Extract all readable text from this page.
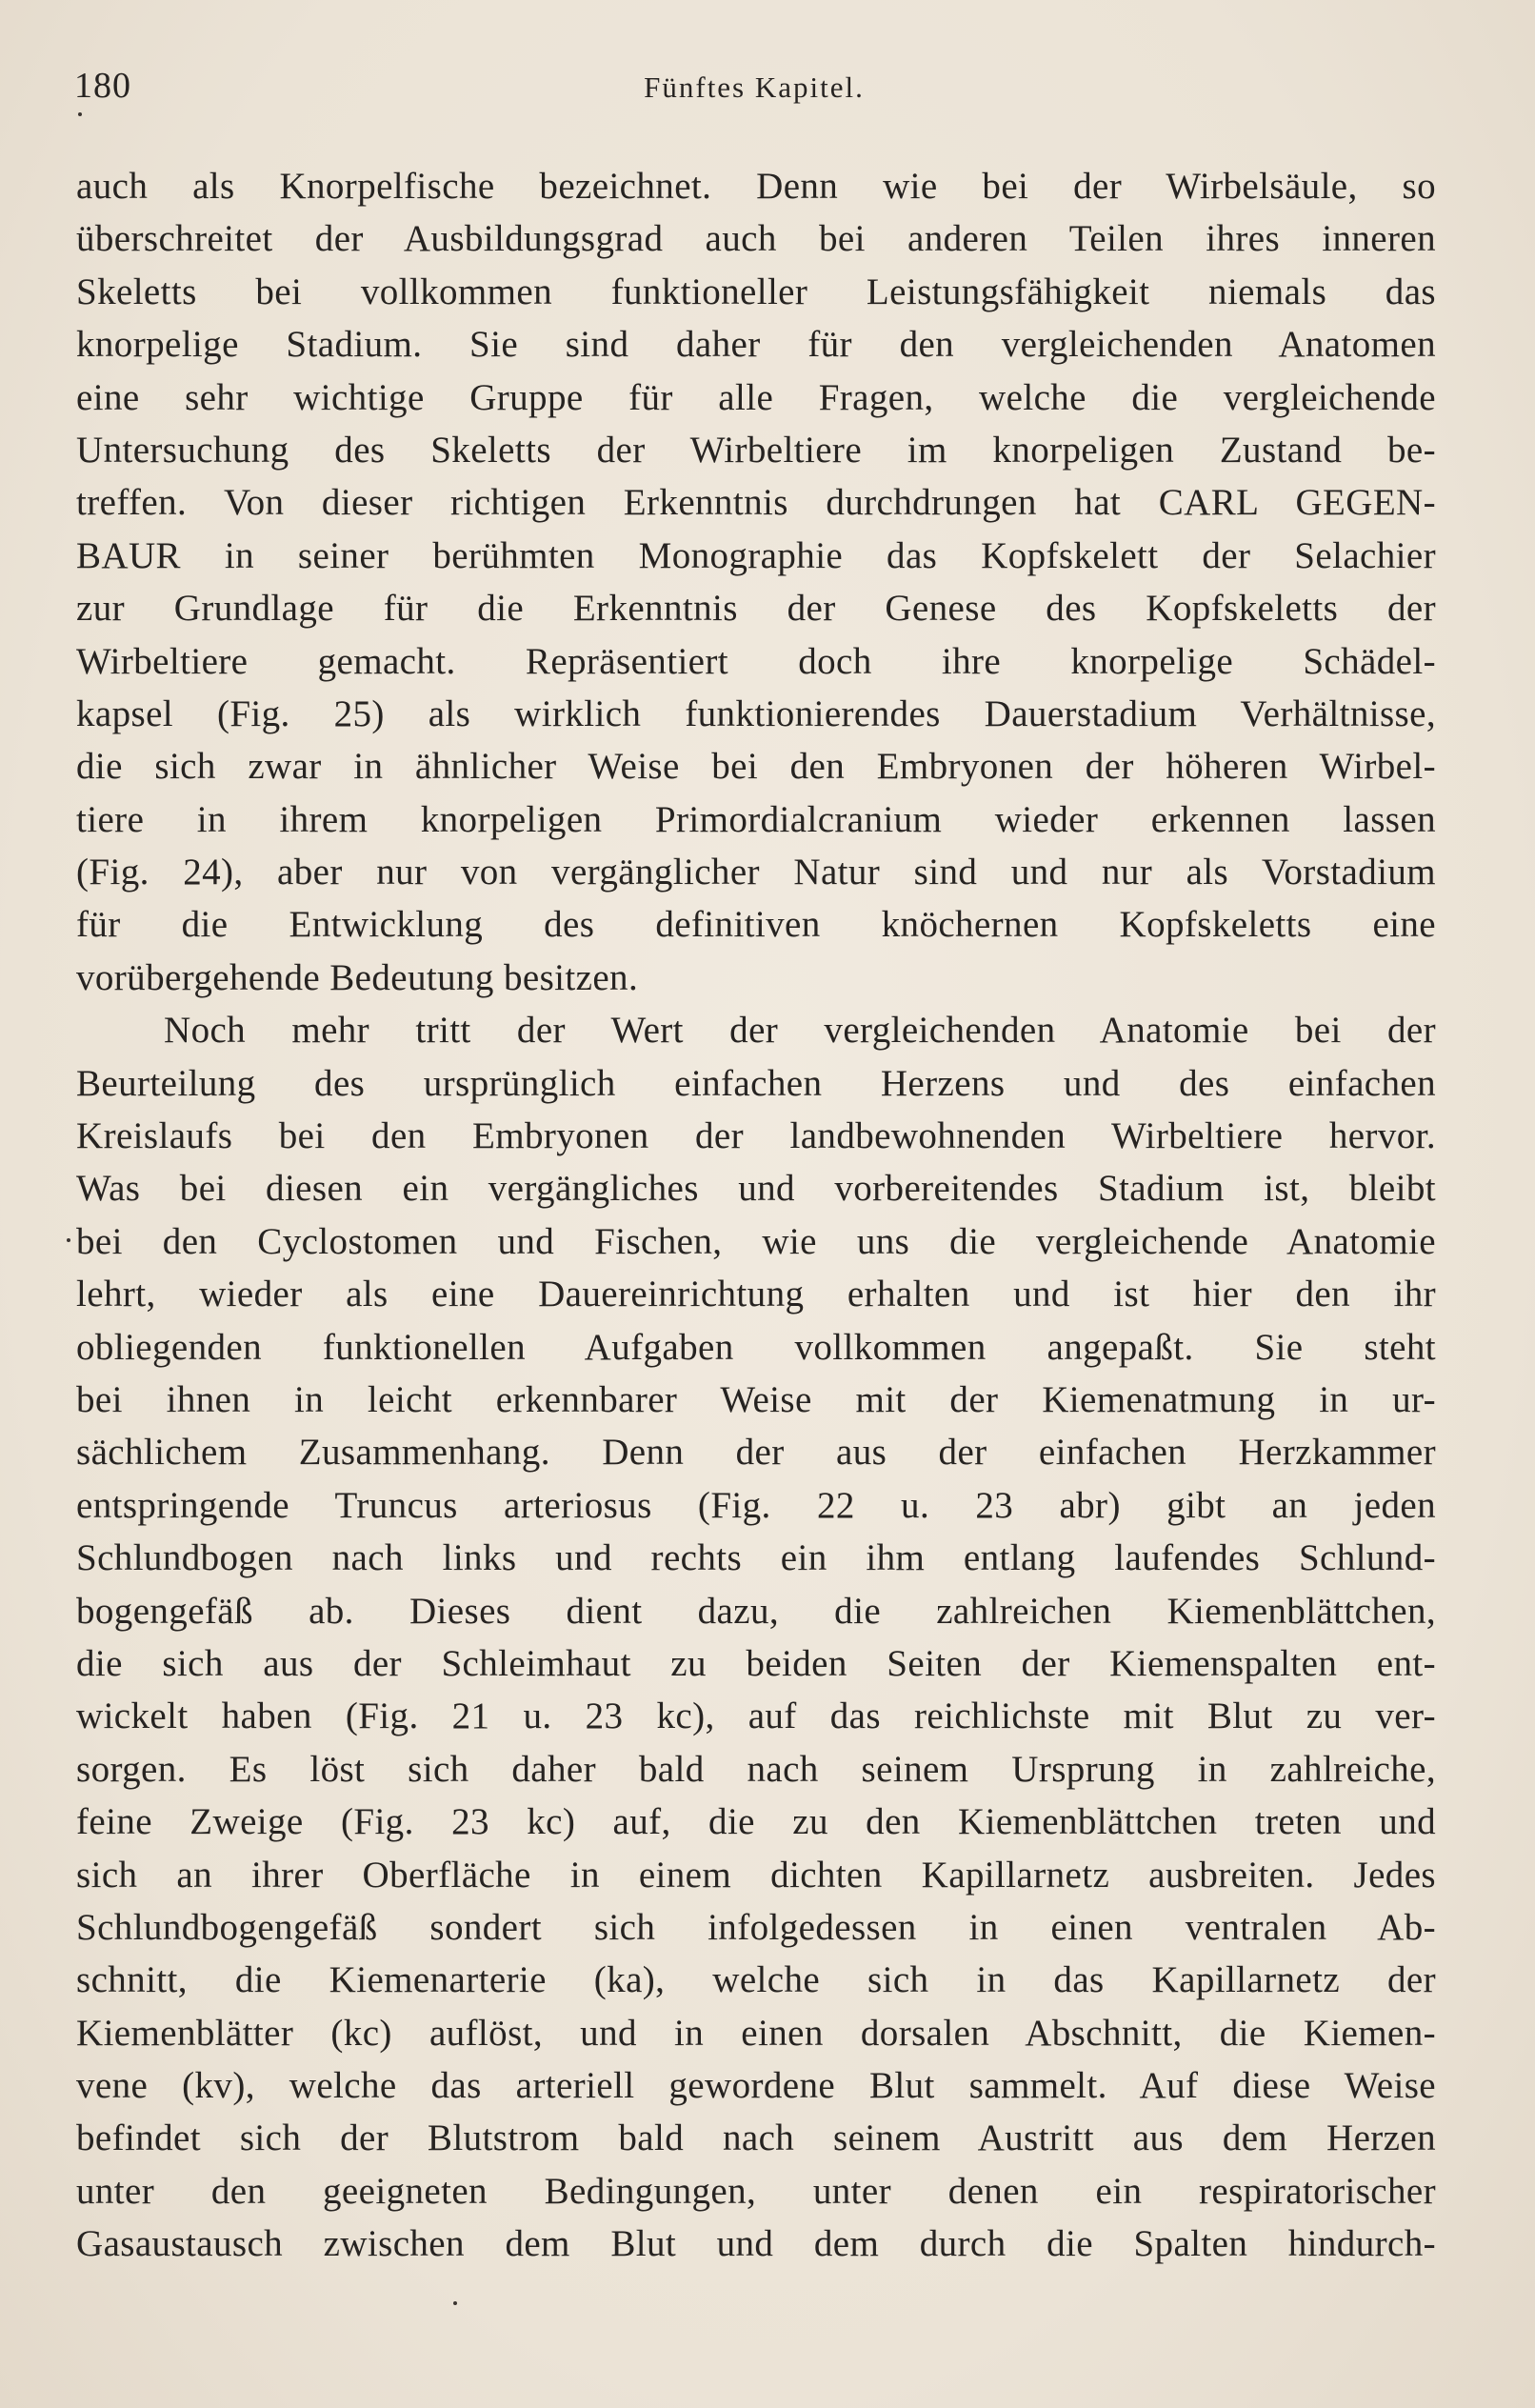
180	Fünftes Kapitel.
auch als Knorpelfische bezeichnet. Denn wie bei der Wirbelsäule, so
überschreitet der Ausbildungsgrad auch bei anderen Teilen ihres inneren
Skeletts bei vollkommen funktioneller Leistungsfähigkeit niemals das
knorpelige Stadium. Sie sind daher für den vergleichenden Anatomen
eine sehr wichtige Gruppe für alle Fragen, welche die vergleichende
Untersuchung des Skeletts der Wirbeltiere im knorpeligen Zustand be-
treffen. Von dieser richtigen Erkenntnis durchdrungen hat CARL GEGEN-
BAUR in seiner berühmten Monographie das Kopfskelett der Selachier
zur Grundlage für die Erkenntnis der Genese des Kopfskeletts der
Wirbeltiere gemacht. Repräsentiert doch ihre knorpelige Schädel-
kapsel (Fig. 25) als wirklich funktionierendes Dauerstadium Verhältnisse,
die sich zwar in ähnlicher Weise bei den Embryonen der höheren Wirbel-
tiere in ihrem knorpeligen Primordialcranium wieder erkennen lassen
(Fig. 24), aber nur von vergänglicher Natur sind und nur als Vorstadium
für die Entwicklung des definitiven knöchernen Kopfskeletts eine
vorübergehende Bedeutung besitzen.
Noch mehr tritt der Wert der vergleichenden Anatomie bei der
Beurteilung des ursprünglich einfachen Herzens und des einfachen
Kreislaufs bei den Embryonen der landbewohnenden Wirbeltiere hervor.
Was bei diesen ein vergängliches und vorbereitendes Stadium ist, bleibt
bei den Cyclostomen und Fischen, wie uns die vergleichende Anatomie
lehrt, wieder als eine Dauereinrichtung erhalten und ist hier den ihr
obliegenden funktionellen Aufgaben vollkommen angepaßt. Sie steht
bei ihnen in leicht erkennbarer Weise mit der Kiemenatmung in ur-
sächlichem Zusammenhang. Denn der aus der einfachen Herzkammer
entspringende Truncus arteriosus (Fig. 22 u. 23 abr) gibt an jeden
Schlundbogen nach links und rechts ein ihm entlang laufendes Schlund-
bogengefäß ab. Dieses dient dazu, die zahlreichen Kiemenblättchen,
die sich aus der Schleimhaut zu beiden Seiten der Kiemenspalten ent-
wickelt haben (Fig. 21 u. 23 kc), auf das reichlichste mit Blut zu ver-
sorgen. Es löst sich daher bald nach seinem Ursprung in zahlreiche,
feine Zweige (Fig. 23 kc) auf, die zu den Kiemenblättchen treten und
sich an ihrer Oberfläche in einem dichten Kapillarnetz ausbreiten. Jedes
Schlundbogengefäß sondert sich infolgedessen in einen ventralen Ab-
schnitt, die Kiemenarterie (ka), welche sich in das Kapillarnetz der
Kiemenblätter (kc) auflöst, und in einen dorsalen Abschnitt, die Kiemen-
vene (kv), welche das arteriell gewordene Blut sammelt. Auf diese Weise
befindet sich der Blutstrom bald nach seinem Austritt aus dem Herzen
unter den geeigneten Bedingungen, unter denen ein respiratorischer
Gasaustausch zwischen dem Blut und dem durch die Spalten hindurch-
